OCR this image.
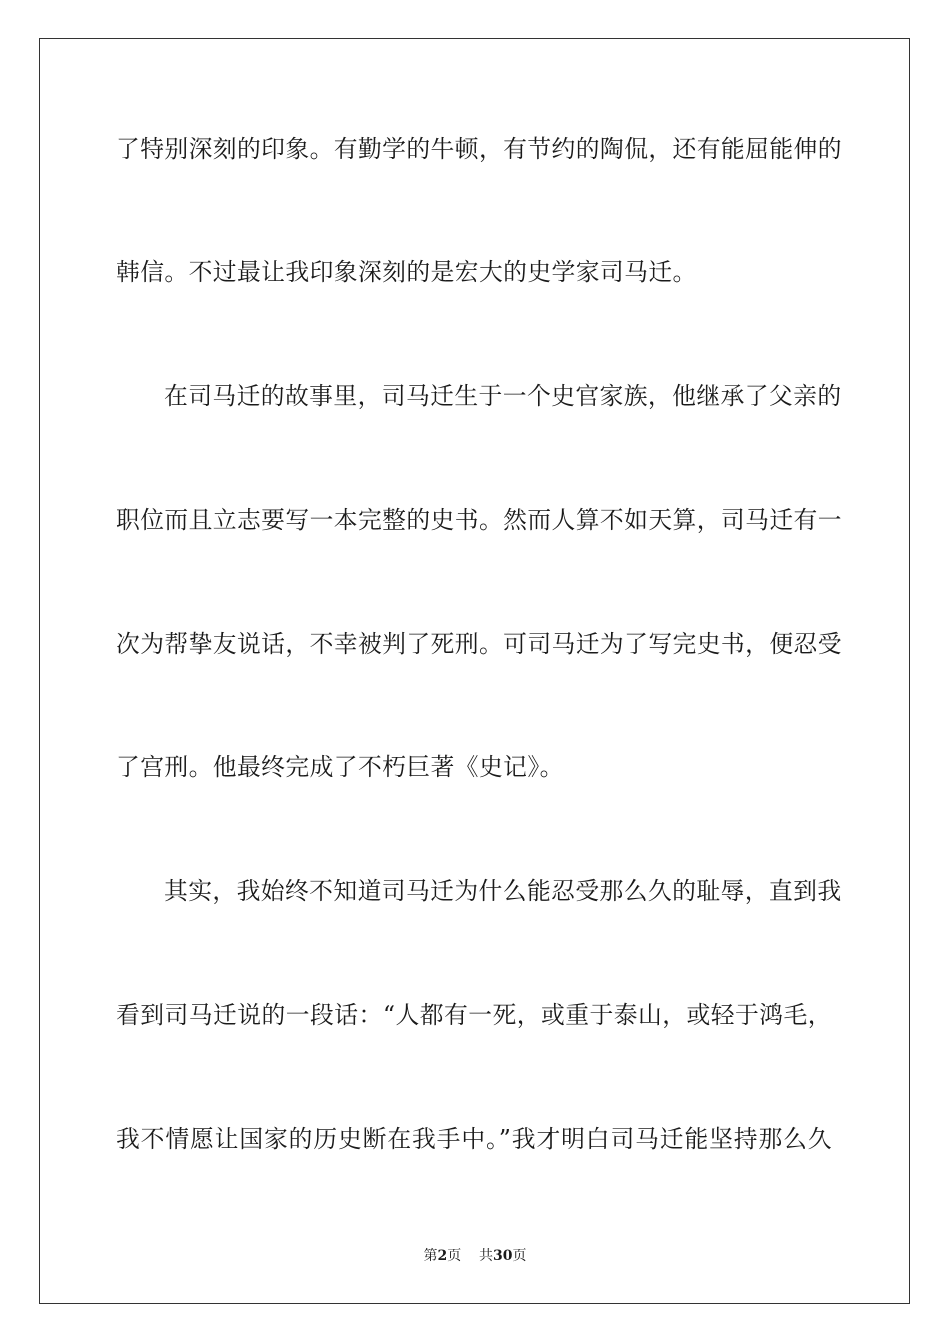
了特别深刻的印象。有勤学的牛顿，有节约的陶侃，还有能屈能伸的
韩信。不过最让我印象深刻的是宏大的史学家司马迁。
在司马迁的故事里，司马迁生于一个史官家族，他继承了父亲的
职位而且立志要写一本完整的史书。然而人算不如天算，司马迁有一
次为帮挚友说话，不幸被判了死刑。可司马迁为了写完史书，便忍受
了宫刑。他最终完成了不朽巨著《史记》。
其实，我始终不知道司马迁为什么能忍受那么久的耻辱，直到我
看到司马迁说的一段话：“人都有一死，或重于泰山，或轻于鸿毛，
我不情愿让国家的历史断在我手中。”我才明白司马迁能坚持那么久
第2页 共30页
